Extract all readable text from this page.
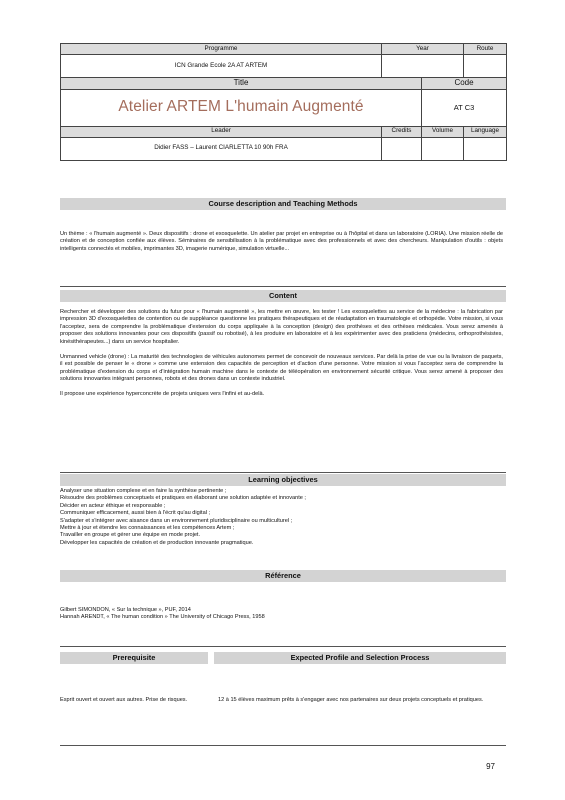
Programme	Year		Route
ICN Grande Ecole 2A AT ARTEM			
Title		Code	
Atelier ARTEM L'humain Augmenté		AT C3	
Leader	Credits	Volume	Language
Didier FASS – Laurent CIARLETTA 10 90h FRA			
Course description and Teaching Methods

Un thème : « l'humain augmenté ». Deux dispositifs : drone et exosquelette. Un atelier par projet en entreprise ou à l'hôpital et dans un laboratoire (LORIA). Une mission réelle de création et de conception confiée aux élèves. Séminaires de sensibilisation à la problématique avec des professionnels et avec des chercheurs. Manipulation d'outils : objets intelligents connectés et mobiles, imprimantes 3D, imagerie numérique, simulation virtuelle...

Content

Rechercher et développer des solutions du futur pour « l'humain augmenté », les mettre en œuvre, les tester ! Les exosquelettes au service de la médecine : la fabrication par impression 3D d'exosquelettes de contention ou de suppléance questionne les pratiques thérapeutiques et de réadaptation en traumatologie et orthopédie. Votre mission, si vous l'acceptez, sera de comprendre la problématique d'extension du corps appliquée à la conception (design) des prothèses et des orthèses médicales. Vous serez amenés à proposer des solutions innovantes pour ces dispositifs (passif ou robotisé), à les produire en laboratoire et à les expérimenter avec des praticiens (médecins, orthoprothésistes, kinésithérapeutes...) dans un service hospitalier.

Unmanned vehicle (drone) : La maturité des technologies de véhicules autonomes permet de concevoir de nouveaux services. Par delà la prise de vue ou la livraison de paquets, il est possible de penser le « drone » comme une extension des capacités de perception et d'action d'une personne. Votre mission si vous l'acceptez sera de comprendre la problématique d'extension du corps et d'intégration humain machine dans le contexte de téléopération en environnement sécurité critique. Vous serez amené à proposer des solutions innovantes intégrant personnes, robots et des drones dans un contexte industriel.

Il propose une expérience hyperconcrète de projets uniques vers l'infini et au-delà.

Learning objectives
Analyser une situation complexe et en faire la synthèse pertinente ;
Résoudre des problèmes conceptuels et pratiques en élaborant une solution adaptée et innovante ;
Décider en acteur éthique et responsable ;
Communiquer efficacement, aussi bien à l'écrit qu'au digital ;
S'adapter et s'intégrer avec aisance dans un environnement pluridisciplinaire ou multiculturel ;
Mettre à jour et étendre les connaissances et les compétences Artem ;
Travailler en groupe et gérer une équipe en mode projet.
Développer les capacités de création et de production innovante pragmatique.
Référence
Gilbert SIMONDON, « Sur la technique », PUF, 2014
Hannah ARENDT, « The human condition » The University of Chicago Press, 1958
Prerequisite	Expected Profile and Selection Process
Esprit ouvert et ouvert aux autres. Prise de risques.	12 à 15 élèves maximum prêts à s'engager avec nos partenaires sur deux projets conceptuels et pratiques.
97
